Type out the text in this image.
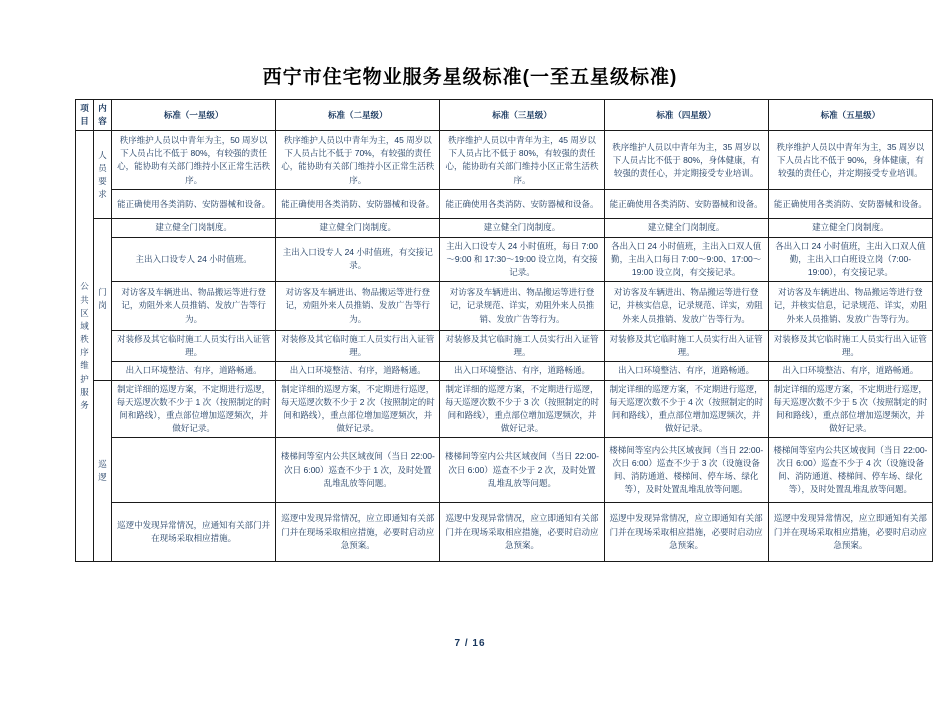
西宁市住宅物业服务星级标准(一至五星级标准)
项目	内容	标准（一星级）	标准（二星级）	标准（三星级）	标准（四星级）	标准（五星级）
公共区域秩序维护服务	人员要求	秩序维护人员以中青年为主，50 周岁以下人员占比不低于 80%，有较强的责任心，能协助有关部门维持小区正常生活秩序。	秩序维护人员以中青年为主，45 周岁以下人员占比不低于 70%，有较强的责任心，能协助有关部门维持小区正常生活秩序。	秩序维护人员以中青年为主，45 周岁以下人员占比不低于 80%，有较强的责任心，能协助有关部门维持小区正常生活秩序。	秩序维护人员以中青年为主，35 周岁以下人员占比不低于 80%，身体健康，有较强的责任心，并定期接受专业培训。	秩序维护人员以中青年为主，35 周岁以下人员占比不低于 90%，身体健康，有较强的责任心，并定期接受专业培训。
		能正确使用各类消防、安防器械和设备。	能正确使用各类消防、安防器械和设备。	能正确使用各类消防、安防器械和设备。	能正确使用各类消防、安防器械和设备。	能正确使用各类消防、安防器械和设备。
	门岗	建立健全门岗制度。	建立健全门岗制度。	建立健全门岗制度。	建立健全门岗制度。	建立健全门岗制度。
		主出入口设专人 24 小时值班。	主出入口设专人 24 小时值班，有交接记录。	主出入口设专人 24 小时值班，每日 7:00～9:00 和 17:30～19:00 设立岗，有交接记录。	各出入口 24 小时值班，主出入口双人值勤，主出入口每日 7:00～9:00、17:00～19:00 设立岗，有交接记录。	各出入口 24 小时值班，主出入口双人值勤，主出入口白班设立岗（7:00-19:00），有交接记录。
		对访客及车辆进出、物品搬运等进行登记，劝阻外来人员推销、发放广告等行为。	对访客及车辆进出、物品搬运等进行登记，劝阻外来人员推销、发放广告等行为。	对访客及车辆进出、物品搬运等进行登记，记录规范、详实，劝阻外来人员推销、发放广告等行为。	对访客及车辆进出、物品搬运等进行登记，并核实信息，记录规范、详实，劝阻外来人员推销、发放广告等行为。	对访客及车辆进出、物品搬运等进行登记，并核实信息，记录规范、详实，劝阻外来人员推销、发放广告等行为。
		对装修及其它临时施工人员实行出入证管理。	对装修及其它临时施工人员实行出入证管理。	对装修及其它临时施工人员实行出入证管理。	对装修及其它临时施工人员实行出入证管理。	对装修及其它临时施工人员实行出入证管理。
		出入口环境整洁、有序，道路畅通。	出入口环境整洁、有序，道路畅通。	出入口环境整洁、有序，道路畅通。	出入口环境整洁、有序，道路畅通。	出入口环境整洁、有序，道路畅通。
	巡逻	制定详细的巡逻方案，不定期进行巡逻，每天巡逻次数不少于 1 次（按照制定的时间和路线），重点部位增加巡逻频次，并做好记录。	制定详细的巡逻方案，不定期进行巡逻，每天巡逻次数不少于 2 次（按照制定的时间和路线），重点部位增加巡逻频次，并做好记录。	制定详细的巡逻方案，不定期进行巡逻，每天巡逻次数不少于 3 次（按照制定的时间和路线），重点部位增加巡逻频次，并做好记录。	制定详细的巡逻方案，不定期进行巡逻，每天巡逻次数不少于 4 次（按照制定的时间和路线），重点部位增加巡逻频次，并做好记录。	制定详细的巡逻方案，不定期进行巡逻，每天巡逻次数不少于 5 次（按照制定的时间和路线），重点部位增加巡逻频次，并做好记录。
			楼梯间等室内公共区域夜间（当日 22:00-次日 6:00）巡查不少于 1 次，及时处置乱堆乱放等问题。	楼梯间等室内公共区域夜间（当日 22:00-次日 6:00）巡查不少于 2 次，及时处置乱堆乱放等问题。	楼梯间等室内公共区域夜间（当日 22:00-次日 6:00）巡查不少于 3 次（设施设备间、消防通道、楼梯间、停车场、绿化等），及时处置乱堆乱放等问题。	楼梯间等室内公共区域夜间（当日 22:00-次日 6:00）巡查不少于 4 次（设施设备间、消防通道、楼梯间、停车场、绿化等），及时处置乱堆乱放等问题。
		巡逻中发现异常情况，应通知有关部门并在现场采取相应措施。	巡逻中发现异常情况，应立即通知有关部门并在现场采取相应措施，必要时启动应急预案。	巡逻中发现异常情况，应立即通知有关部门并在现场采取相应措施，必要时启动应急预案。	巡逻中发现异常情况，应立即通知有关部门并在现场采取相应措施，必要时启动应急预案。	巡逻中发现异常情况，应立即通知有关部门并在现场采取相应措施，必要时启动应急预案。
7 / 16
